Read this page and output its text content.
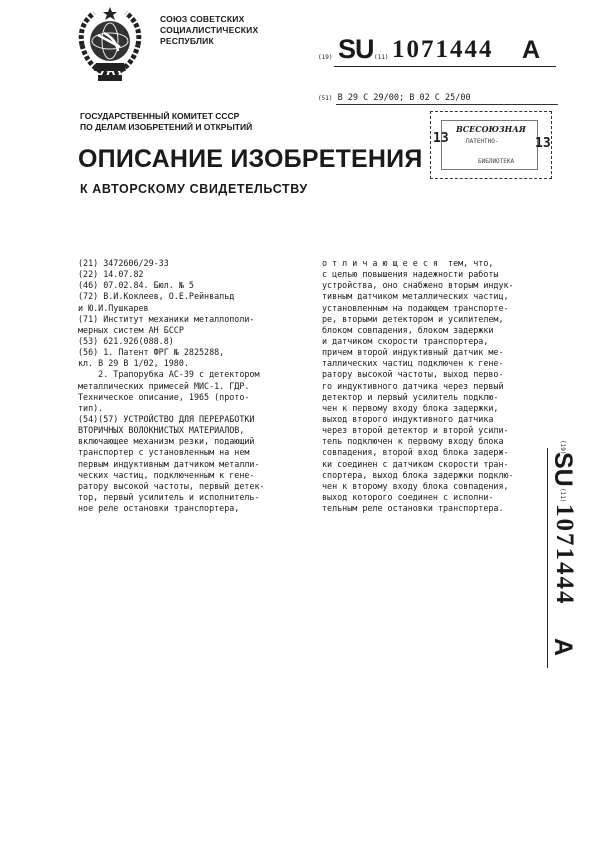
СОЮЗ СОВЕТСКИХ
СОЦИАЛИСТИЧЕСКИХ
РЕСПУБЛИК
(19) SU (11) 1071444 A
(51) В 29 С 29/00; В 02 С 25/00
ВСЕСОЮЗНАЯ
ПАТЕНТНО-
БИБЛИОТЕКА
13	13
ГОСУДАРСТВЕННЫЙ КОМИТЕТ СССР
ПО ДЕЛАМ ИЗОБРЕТЕНИЙ И ОТКРЫТИЙ
ОПИСАНИЕ ИЗОБРЕТЕНИЯ
К АВТОРСКОМУ СВИДЕТЕЛЬСТВУ
(21) 3472606/29-33
(22) 14.07.82
(46) 07.02.84. Бюл. № 5
(72) В.И.Коклеев, О.Е.Рейнвальд
и Ю.И.Пушкарев
(71) Институт механики металлополи-
мерных систем АН БССР
(53) 621.926(088.8)
(56) 1. Патент ФРГ № 2825288,
кл. В 29 В 1/02, 1980.
2. Трапорубка АС-39 с детектором
металлических примесей МИС-1. ГДР.
Техническое описание, 1965 (прото-
тип).
(54)(57) УСТРОЙСТВО ДЛЯ ПЕРЕРАБОТКИ
ВТОРИЧНЫХ ВОЛОКНИСТЫХ МАТЕРИАЛОВ,
включающее механизм резки, подающий
транспортер с установленным на нем
первым индуктивным датчиком металли-
ческих частиц, подключенным к гене-
ратору высокой частоты, первый детек-
тор, первый усилитель и исполнитель-
ное реле остановки транспортера,
о т л и ч а ю щ е е с я  тем, что,
с целью повышения надежности работы
устройства, оно снабжено вторым индук-
тивным датчиком металлических частиц,
установленным на подающем транспорте-
ре, вторыми детектором и усилителем,
блоком совпадения, блоком задержки
и датчиком скорости транспортера,
причем второй индуктивный датчик ме-
таллических частиц подключен к гене-
ратору высокой частоты, выход перво-
го индуктивного датчика через первый
детектор и первый усилитель подклю-
чен к первому входу блока задержки,
выход второго индуктивного датчика
через второй детектор и второй усили-
тель подключен к первому входу блока
совпадения, второй вход блока задерж-
ки соединен с датчиком скорости тран-
спортера, выход блока задержки подклю-
чен к второму входу блока совпадения,
выход которого соединен с исполни-
тельным реле остановки транспортера.
(19)
SU
(11)
1071444
A
